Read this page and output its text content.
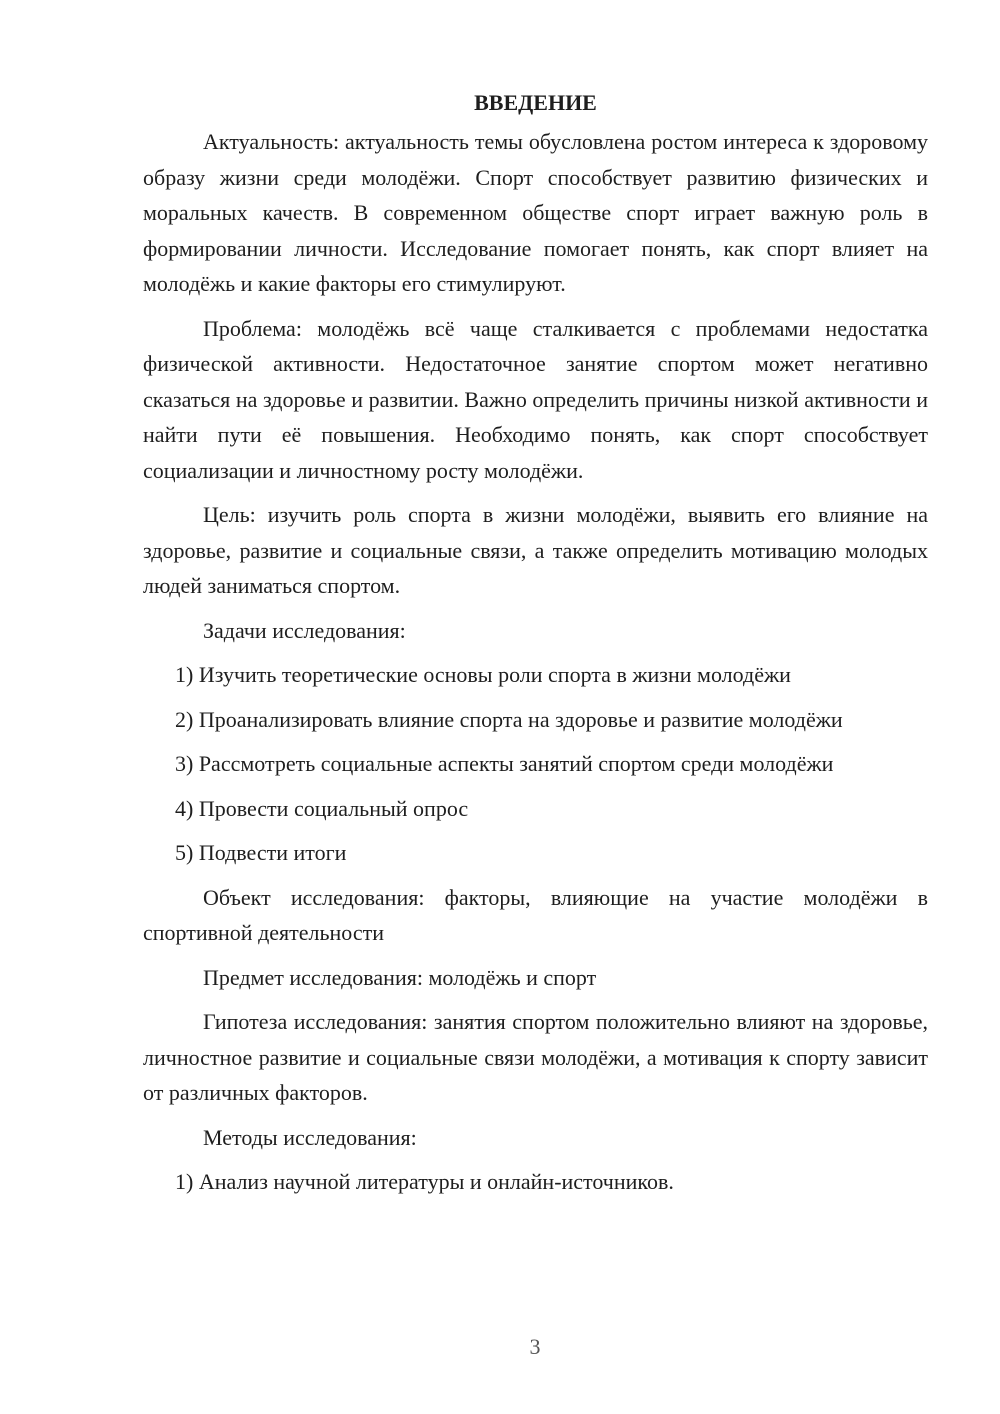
ВВЕДЕНИЕ

Актуальность: актуальность темы обусловлена ростом интереса к здоровому образу жизни среди молодёжи. Спорт способствует развитию физических и моральных качеств. В современном обществе спорт играет важную роль в формировании личности. Исследование помогает понять, как спорт влияет на молодёжь и какие факторы его стимулируют.

Проблема: молодёжь всё чаще сталкивается с проблемами недостатка физической активности. Недостаточное занятие спортом может негативно сказаться на здоровье и развитии. Важно определить причины низкой активности и найти пути её повышения. Необходимо понять, как спорт способствует социализации и личностному росту молодёжи.

Цель: изучить роль спорта в жизни молодёжи, выявить его влияние на здоровье, развитие и социальные связи, а также определить мотивацию молодых людей заниматься спортом.

Задачи исследования:

1) Изучить теоретические основы роли спорта в жизни молодёжи

2) Проанализировать влияние спорта на здоровье и развитие молодёжи

3) Рассмотреть социальные аспекты занятий спортом среди молодёжи

4) Провести социальный опрос

5) Подвести итоги

Объект исследования: факторы, влияющие на участие молодёжи в спортивной деятельности

Предмет исследования: молодёжь и спорт

Гипотеза исследования: занятия спортом положительно влияют на здоровье, личностное развитие и социальные связи молодёжи, а мотивация к спорту зависит от различных факторов.

Методы исследования:

1) Анализ научной литературы и онлайн-источников.

3
